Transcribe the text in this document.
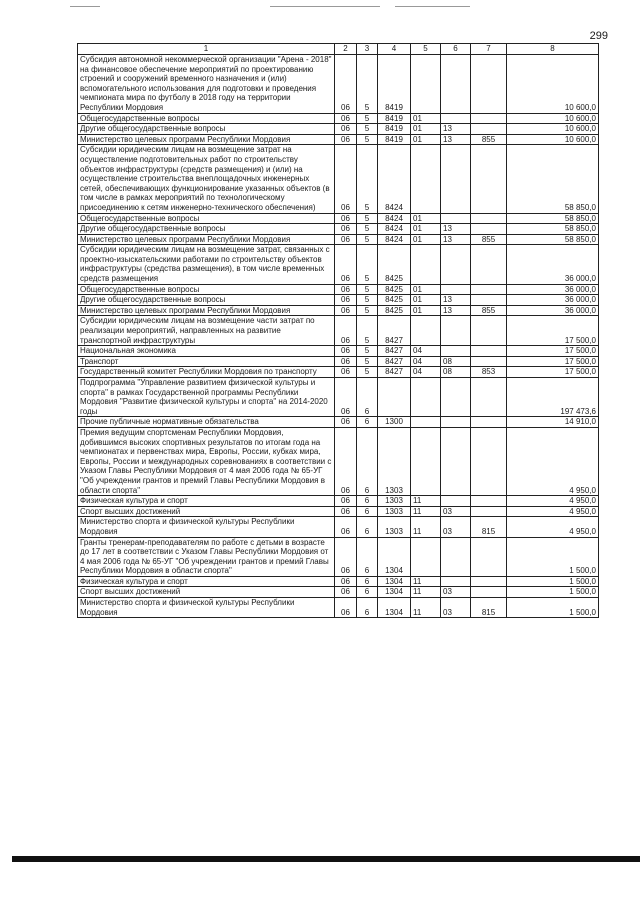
299
1	2	3	4	5	6	7	8
Субсидия автономной некоммерческой организации "Арена - 2018" на финансовое обеспечение мероприятий по проектированию строений и сооружений временного назначения и (или) вспомогательного использования для подготовки и проведения чемпионата мира по футболу в 2018 году на территории Республики Мордовия	06	5	8419				10 600,0
Общегосударственные вопросы	06	5	8419	01			10 600,0
Другие общегосударственные вопросы	06	5	8419	01	13		10 600,0
Министерство целевых программ Республики Мордовия	06	5	8419	01	13	855	10 600,0
Субсидии юридическим лицам на возмещение затрат на осуществление подготовительных работ по строительству объектов инфраструктуры (средств размещения) и (или) на осуществление строительства внеплощадочных инженерных сетей, обеспечивающих функционирование указанных объектов (в том числе в рамках мероприятий по технологическому присоединению к сетям инженерно-технического обеспечения)	06	5	8424				58 850,0
Общегосударственные вопросы	06	5	8424	01			58 850,0
Другие общегосударственные вопросы	06	5	8424	01	13		58 850,0
Министерство целевых программ Республики Мордовия	06	5	8424	01	13	855	58 850,0
Субсидии юридическим лицам на возмещение затрат, связанных с проектно-изыскательскими работами по строительству объектов инфраструктуры (средства размещения), в том числе временных средств размещения	06	5	8425				36 000,0
Общегосударственные вопросы	06	5	8425	01			36 000,0
Другие общегосударственные вопросы	06	5	8425	01	13		36 000,0
Министерство целевых программ Республики Мордовия	06	5	8425	01	13	855	36 000,0
Субсидии юридическим лицам на возмещение части затрат по реализации мероприятий, направленных на развитие транспортной инфраструктуры	06	5	8427				17 500,0
Национальная экономика	06	5	8427	04			17 500,0
Транспорт	06	5	8427	04	08		17 500,0
Государственный комитет Республики Мордовия по транспорту	06	5	8427	04	08	853	17 500,0
Подпрограмма "Управление развитием физической культуры и спорта" в рамках Государственной программы Республики Мордовия "Развитие физической культуры и спорта" на 2014-2020 годы	06	6					197 473,6
Прочие публичные нормативные обязательства	06	6	1300				14 910,0
Премия ведущим спортсменам Республики Мордовия, добившимся высоких спортивных результатов по итогам года на чемпионатах и первенствах мира, Европы, России, кубках мира, Европы, России и международных соревнованиях в соответствии с Указом Главы Республики Мордовия от 4 мая 2006 года № 65-УГ "Об учреждении грантов и премий Главы Республики Мордовия в области спорта"	06	6	1303				4 950,0
Физическая культура и спорт	06	6	1303	11			4 950,0
Спорт высших достижений	06	6	1303	11	03		4 950,0
Министерство спорта и физической культуры Республики Мордовия	06	6	1303	11	03	815	4 950,0
Гранты тренерам-преподавателям по работе с детьми в возрасте до 17 лет в соответствии с Указом Главы Республики Мордовия от 4 мая 2006 года № 65-УГ "Об учреждении грантов и премий Главы Республики Мордовия в области спорта"	06	6	1304				1 500,0
Физическая культура и спорт	06	6	1304	11			1 500,0
Спорт высших достижений	06	6	1304	11	03		1 500,0
Министерство спорта и физической культуры Республики Мордовия	06	6	1304	11	03	815	1 500,0
